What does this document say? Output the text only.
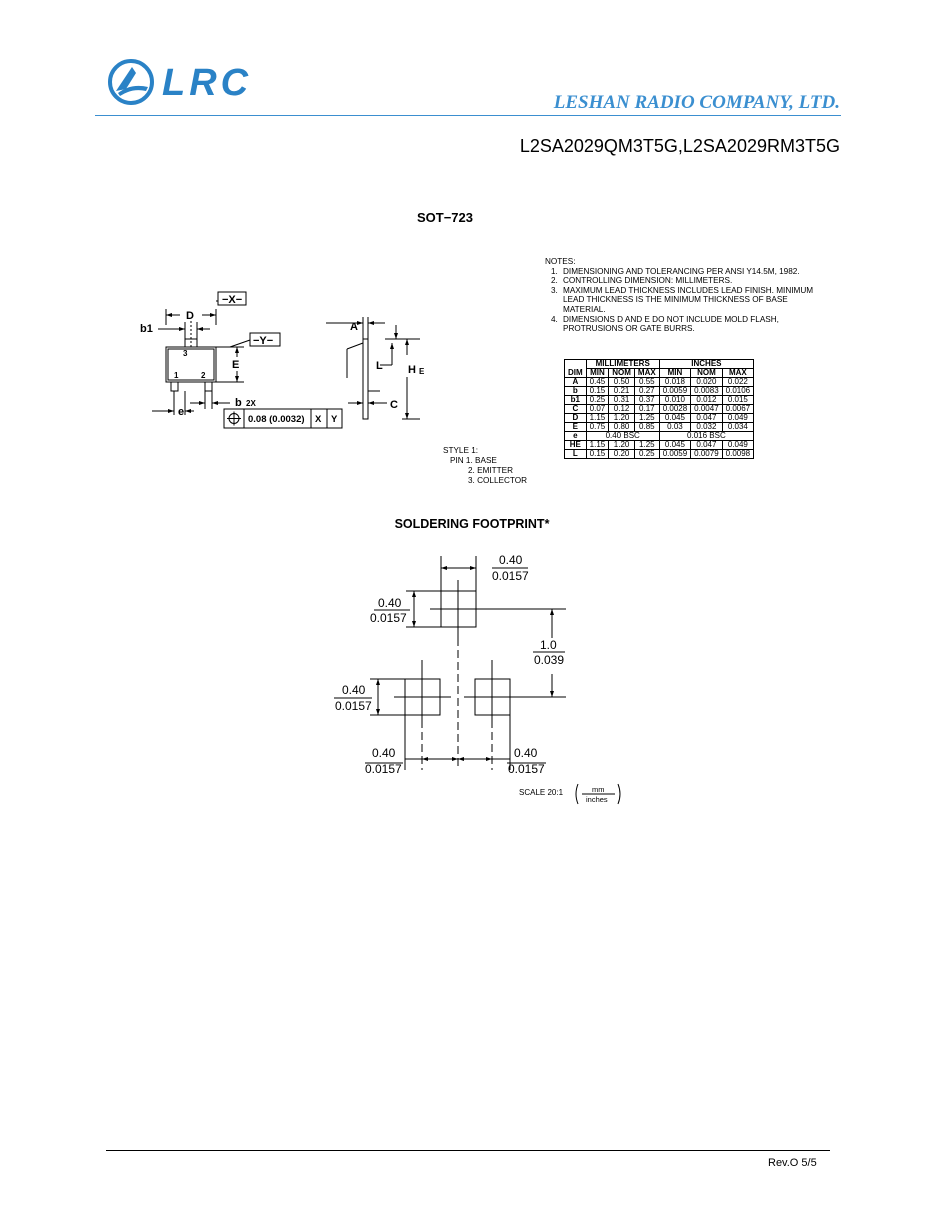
LRC	LESHAN RADIO COMPANY, LTD.
L2SA2029QM3T5G,L2SA2029RM3T5G
SOT−723
D
−X−
b1
−Y−
E
b
e
A
H
L
C
2X
E
3
1	2
0.08 (0.0032) X Y
NOTES:
1. DIMENSIONING AND TOLERANCING PER ANSI Y14.5M, 1982.
2. CONTROLLING DIMENSION: MILLIMETERS.
3. MAXIMUM LEAD THICKNESS INCLUDES LEAD FINISH. MINIMUM LEAD THICKNESS IS THE MINIMUM THICKNESS OF BASE MATERIAL.
4. DIMENSIONS D AND E DO NOT INCLUDE MOLD FLASH, PROTRUSIONS OR GATE BURRS.
DIM	MILLIMETERS			INCHES		
	MIN	NOM	MAX	MIN	NOM	MAX
A	0.45	0.50	0.55	0.018	0.020	0.022
b	0.15	0.21	0.27	0.0059	0.0083	0.0106
b1	0.25	0.31	0.37	0.010	0.012	0.015
C	0.07	0.12	0.17	0.0028	0.0047	0.0067
D	1.15	1.20	1.25	0.045	0.047	0.049
E	0.75	0.80	0.85	0.03	0.032	0.034
e	0.40 BSC			0.016 BSC		
HE	1.15	1.20	1.25	0.045	0.047	0.049
L	0.15	0.20	0.25	0.0059	0.0079	0.0098
STYLE 1:
PIN 1. BASE
2. EMITTER
3. COLLECTOR
SOLDERING FOOTPRINT*
0.40
0.0157
0.40
0.0157
1.0
0.039
0.40
0.0157
0.40
0.0157
0.40
0.0157
SCALE 20:1	mm
inches
Rev.O 5/5
